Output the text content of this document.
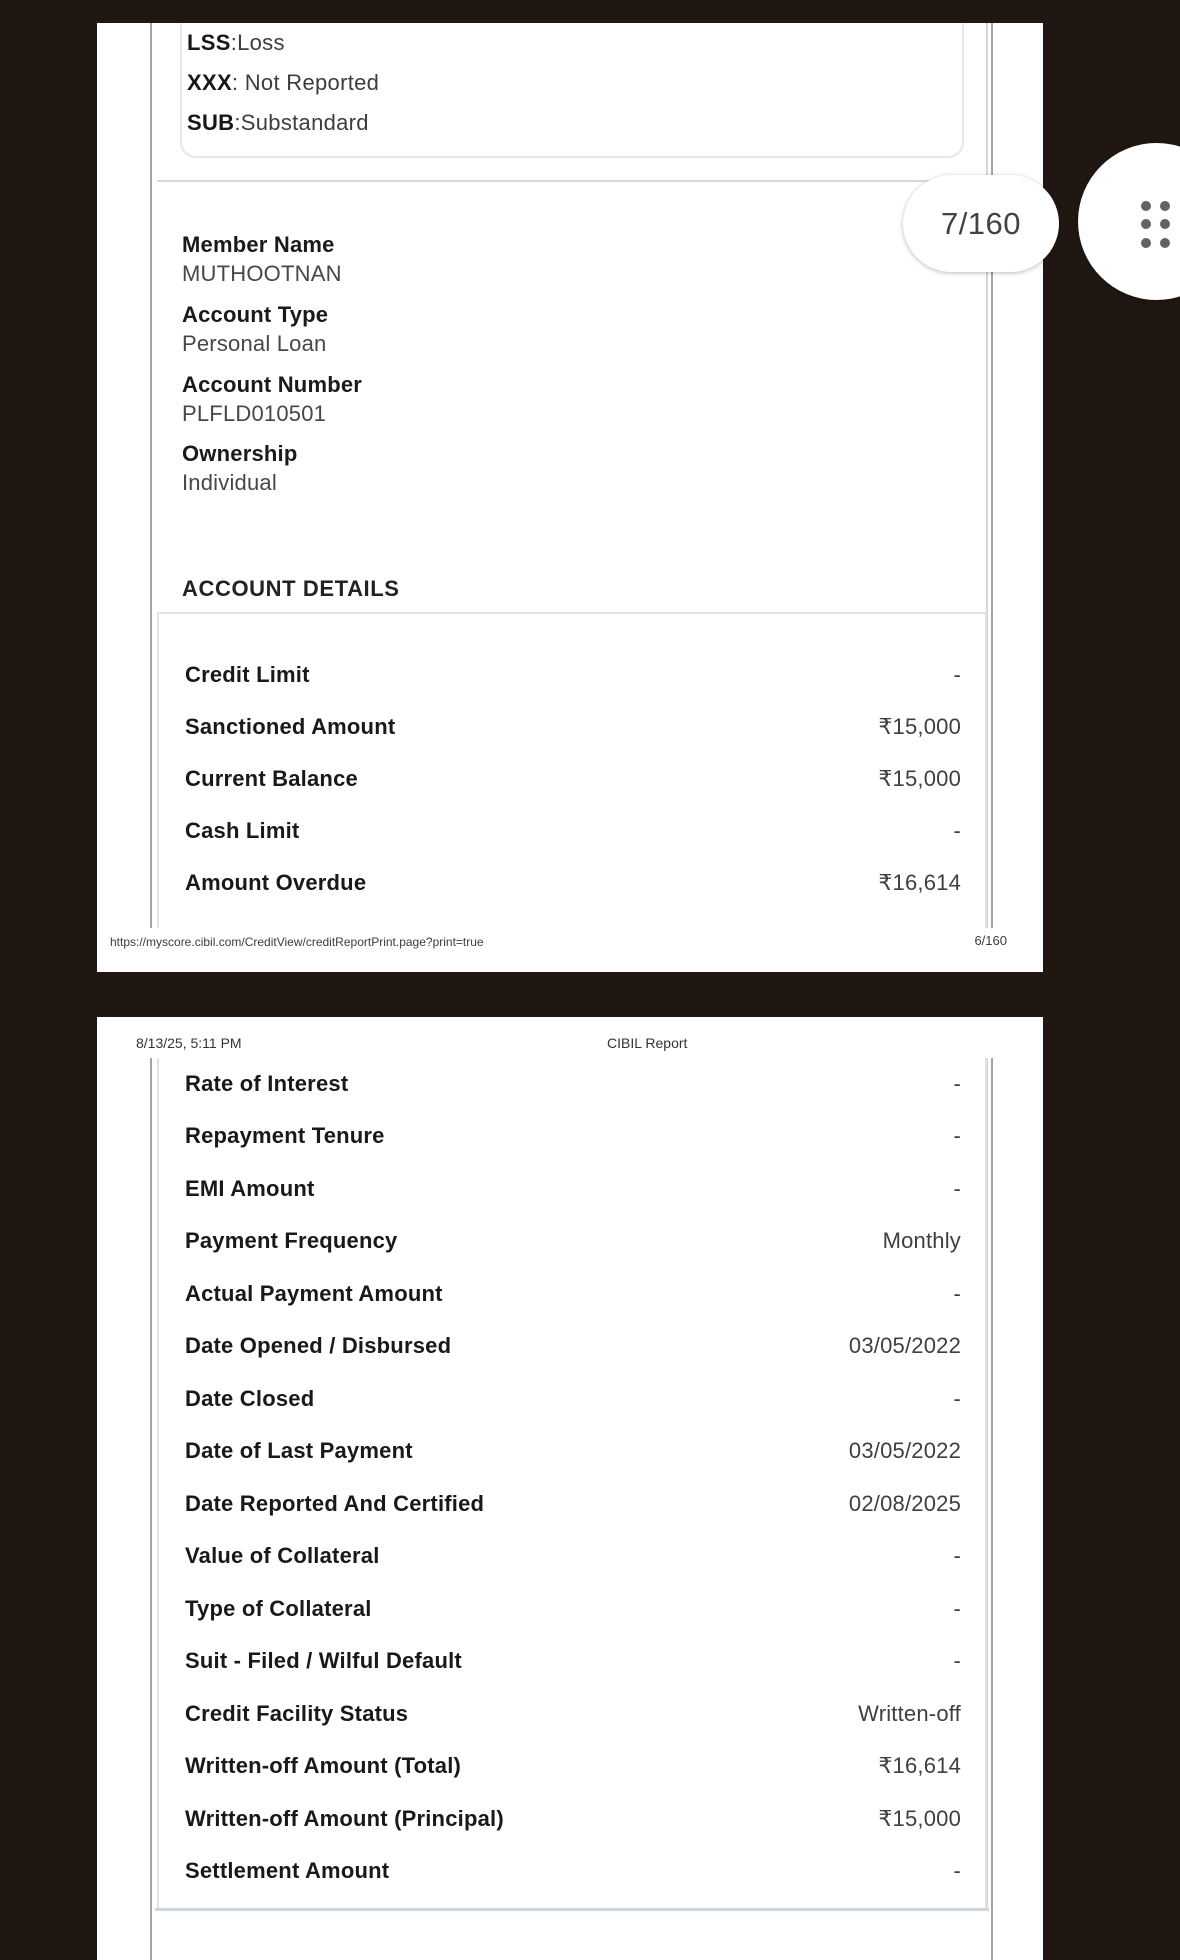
LSS:Loss
XXX: Not Reported
SUB:Substandard
Member Name
MUTHOOTNAN
Account Type
Personal Loan
Account Number
PLFLD010501
Ownership
Individual
ACCOUNT DETAILS
Credit Limit	-
Sanctioned Amount	₹15,000
Current Balance	₹15,000
Cash Limit	-
Amount Overdue	₹16,614
https://myscore.cibil.com/CreditView/creditReportPrint.page?print=true	6/160
8/13/25, 5:11 PM	CIBIL Report
Rate of Interest	-
Repayment Tenure	-
EMI Amount	-
Payment Frequency	Monthly
Actual Payment Amount	-
Date Opened / Disbursed	03/05/2022
Date Closed	-
Date of Last Payment	03/05/2022
Date Reported And Certified	02/08/2025
Value of Collateral	-
Type of Collateral	-
Suit - Filed / Wilful Default	-
Credit Facility Status	Written-off
Written-off Amount (Total)	₹16,614
Written-off Amount (Principal)	₹15,000
Settlement Amount	-
7/160
